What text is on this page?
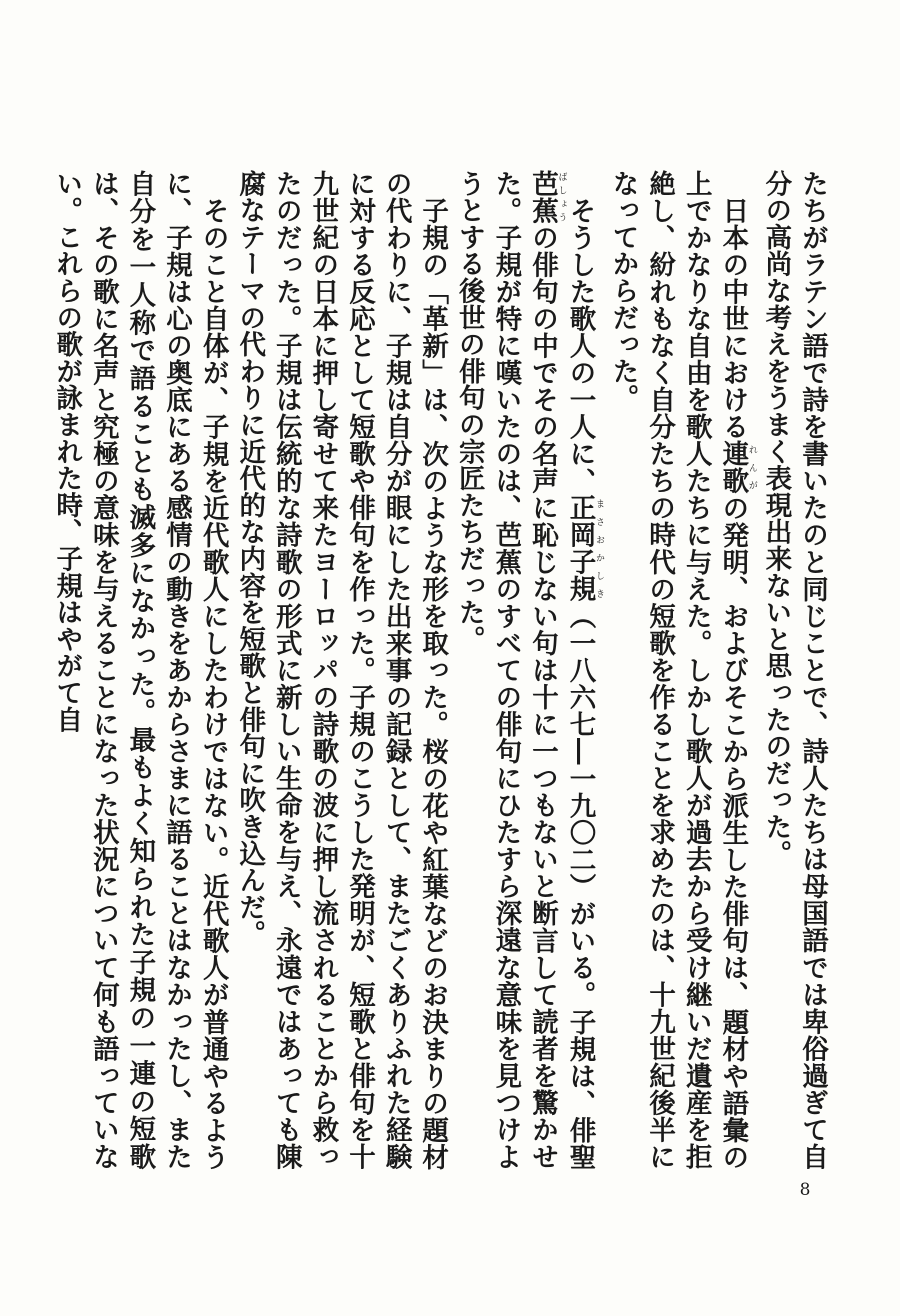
たちがラテン語で詩を書いたのと同じことで、詩人たちは母国語では卑俗過ぎて自分の高尚な考えをうまく表現出来ないと思ったのだった。

日本の中世における連歌れんがの発明、およびそこから派生した俳句は、題材や語彙の上でかなりな自由を歌人たちに与えた。しかし歌人が過去から受け継いだ遺産を拒絶し、紛れもなく自分たちの時代の短歌を作ることを求めたのは、十九世紀後半になってからだった。

そうした歌人の一人に、正岡子規まさおかしき（一八六七―一九〇二）がいる。子規は、俳聖芭蕉ばしょうの俳句の中でその名声に恥じない句は十に一つもないと断言して読者を驚かせた。子規が特に嘆いたのは、芭蕉のすべての俳句にひたすら深遠な意味を見つけようとする後世の俳句の宗匠たちだった。

子規の「革新」は、次のような形を取った。桜の花や紅葉などのお決まりの題材の代わりに、子規は自分が眼にした出来事の記録として、またごくありふれた経験に対する反応として短歌や俳句を作った。子規のこうした発明が、短歌と俳句を十九世紀の日本に押し寄せて来たヨーロッパの詩歌の波に押し流されることから救ったのだった。子規は伝統的な詩歌の形式に新しい生命を与え、永遠ではあっても陳腐なテーマの代わりに近代的な内容を短歌と俳句に吹き込んだ。

そのこと自体が、子規を近代歌人にしたわけではない。近代歌人が普通やるように、子規は心の奥底にある感情の動きをあからさまに語ることはなかったし、また自分を一人称で語ることも滅多になかった。最もよく知られた子規の一連の短歌は、その歌に名声と究極の意味を与えることになった状況について何も語っていない。これらの歌が詠まれた時、子規はやがて自

8
